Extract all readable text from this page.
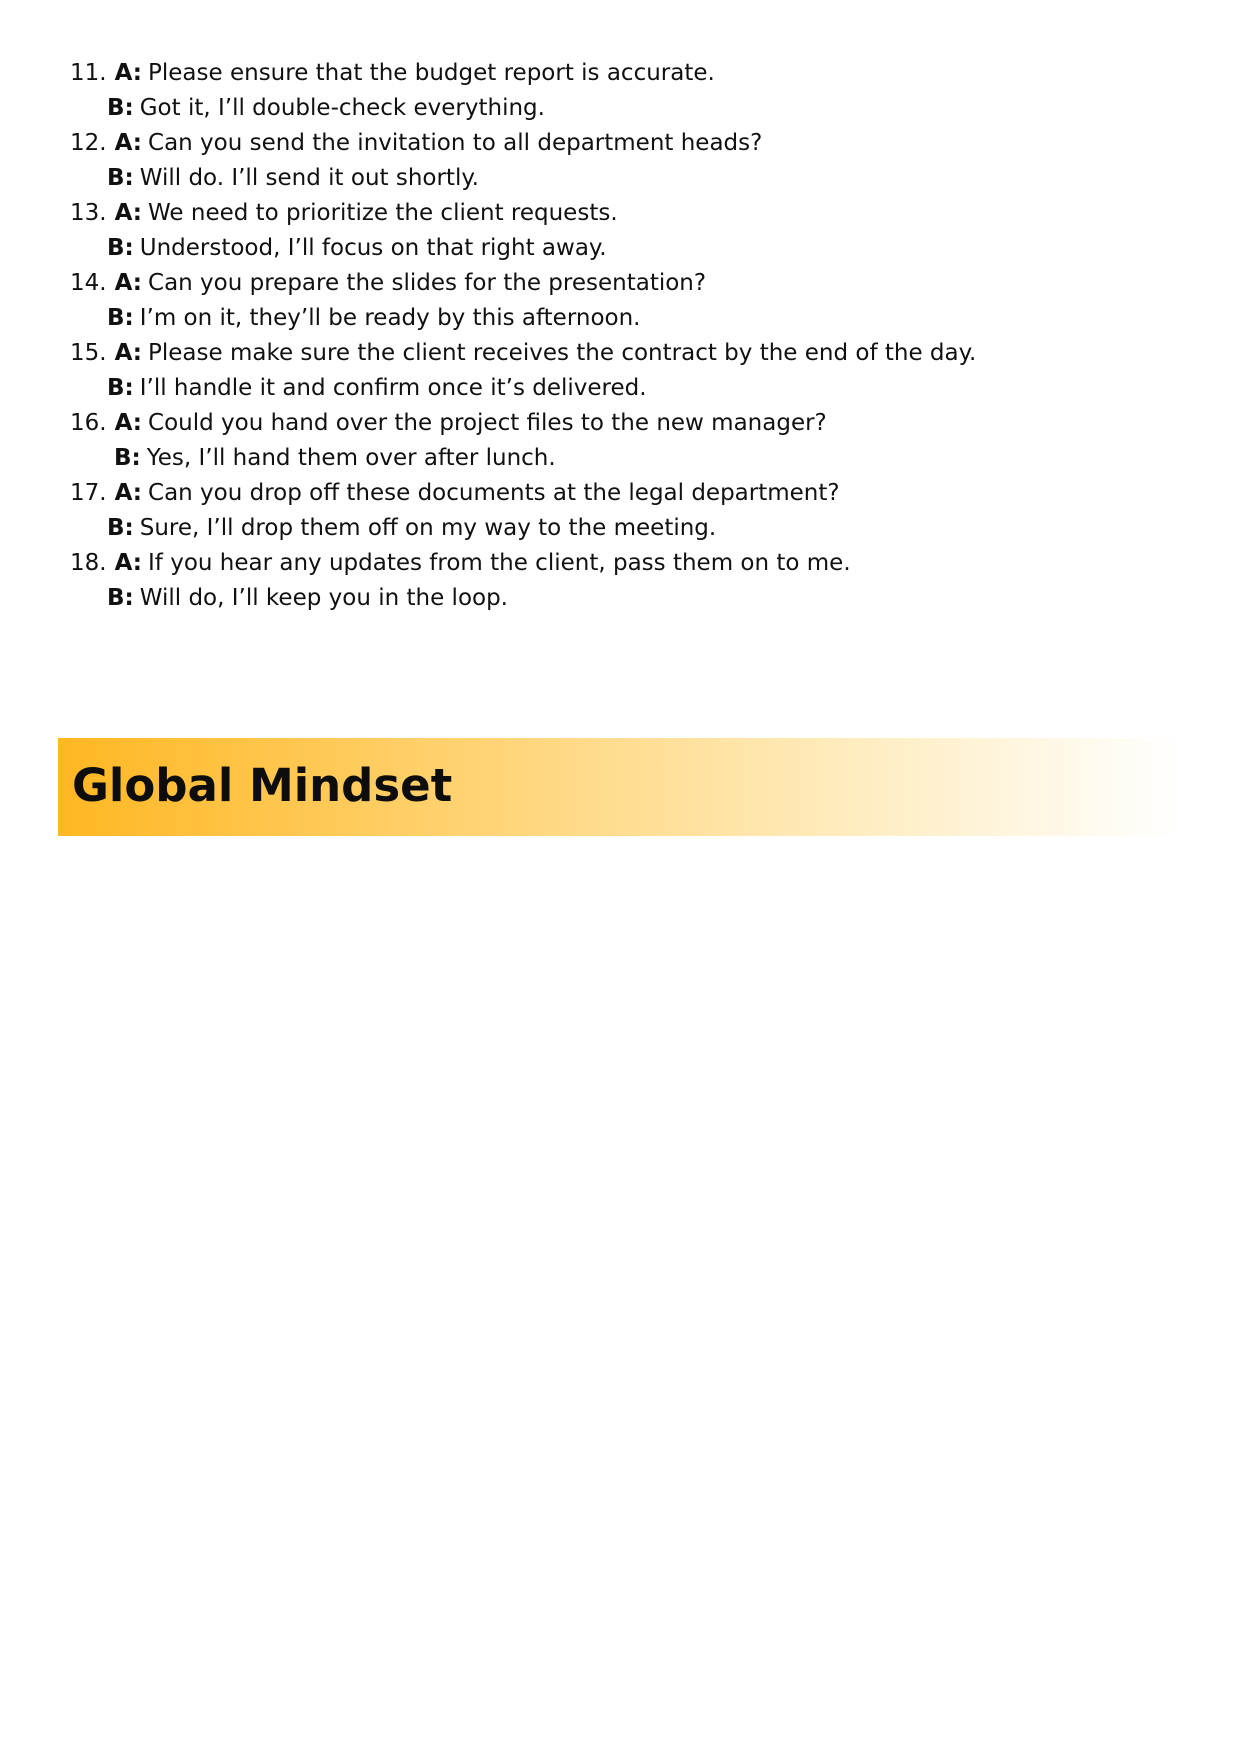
11. A: Please ensure that the budget report is accurate.
B: Got it, I’ll double-check everything.
12. A: Can you send the invitation to all department heads?
B: Will do. I’ll send it out shortly.
13. A: We need to prioritize the client requests.
B: Understood, I’ll focus on that right away.
14. A: Can you prepare the slides for the presentation?
B: I’m on it, they’ll be ready by this afternoon.
15. A: Please make sure the client receives the contract by the end of the day.
B: I’ll handle it and confirm once it’s delivered.
16. A: Could you hand over the project files to the new manager?
B: Yes, I’ll hand them over after lunch.
17. A: Can you drop off these documents at the legal department?
B: Sure, I’ll drop them off on my way to the meeting.
18. A: If you hear any updates from the client, pass them on to me.
B: Will do, I’ll keep you in the loop.
Global Mindset
